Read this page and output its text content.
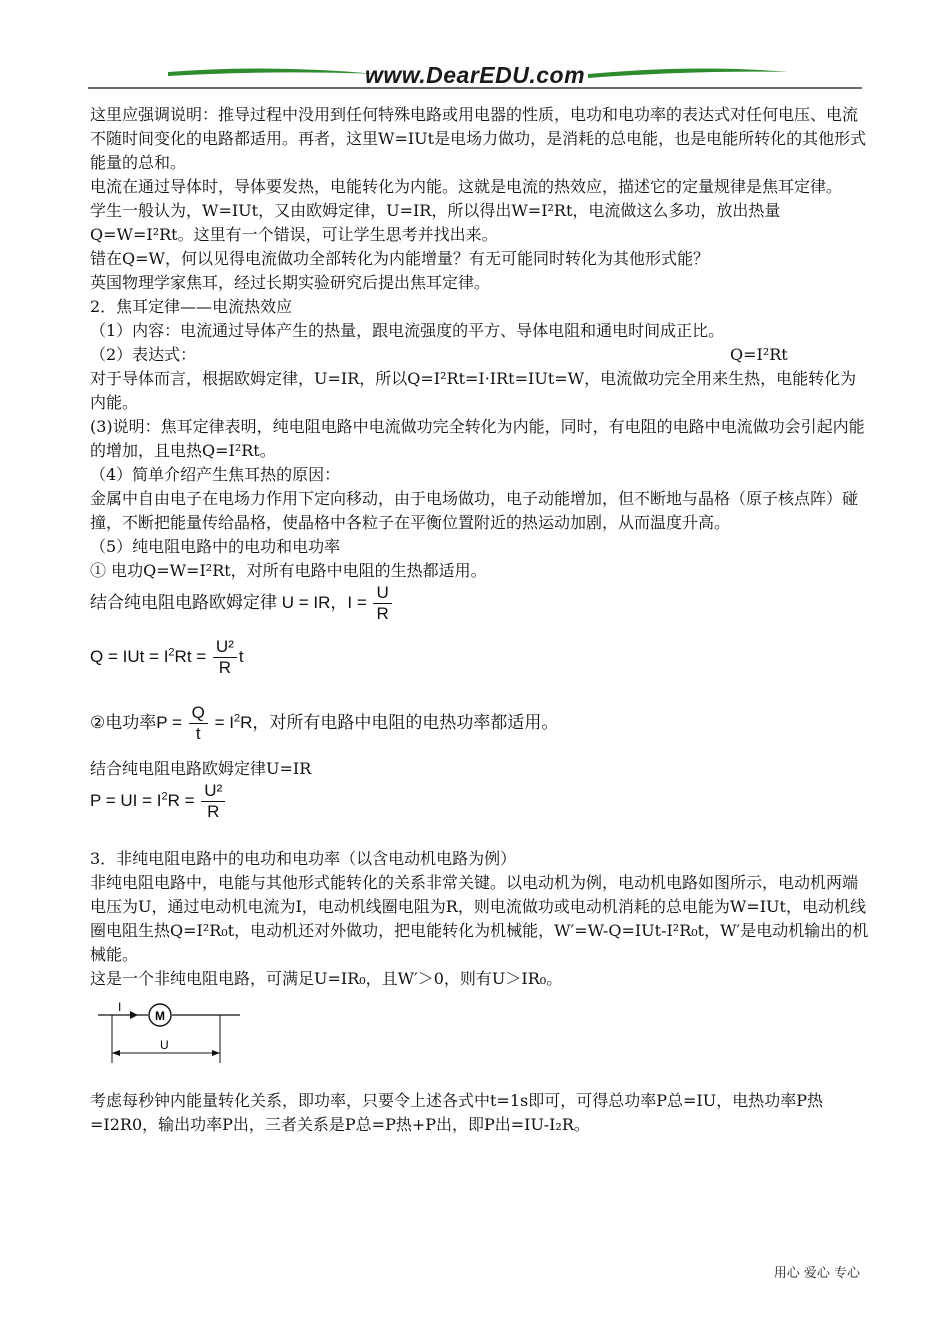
www.DearEDU.com

这里应强调说明：推导过程中没用到任何特殊电路或用电器的性质，电功和电功率的表达式对任何电压、电流不随时间变化的电路都适用。再者，这里W=IUt是电场力做功，是消耗的总电能，也是电能所转化的其他形式能量的总和。

电流在通过导体时，导体要发热，电能转化为内能。这就是电流的热效应，描述它的定量规律是焦耳定律。

学生一般认为，W=IUt，又由欧姆定律，U=IR，所以得出W=I²Rt，电流做这么多功，放出热量Q=W=I²Rt。这里有一个错误，可让学生思考并找出来。

错在Q=W，何以见得电流做功全部转化为内能增量？有无可能同时转化为其他形式能？

英国物理学家焦耳，经过长期实验研究后提出焦耳定律。

2．焦耳定律——电流热效应

（1）内容：电流通过导体产生的热量，跟电流强度的平方、导体电阻和通电时间成正比。

（2）表达式：	Q=I²Rt

对于导体而言，根据欧姆定律，U=IR，所以Q=I²Rt=I·IRt=IUt=W，电流做功完全用来生热，电能转化为内能。

(3)说明：焦耳定律表明，纯电阻电路中电流做功完全转化为内能，同时，有电阻的电路中电流做功会引起内能的增加，且电热Q=I²Rt。

（4）简单介绍产生焦耳热的原因：

金属中自由电子在电场力作用下定向移动，由于电场做功，电子动能增加，但不断地与晶格（原子核点阵）碰撞，不断把能量传给晶格，使晶格中各粒子在平衡位置附近的热运动加剧，从而温度升高。

（5）纯电阻电路中的电功和电功率

① 电功Q=W=I²Rt，对所有电路中电阻的生热都适用。

结合纯电阻电路欧姆定律 U = IR，$I = \frac{U}{R}$
Q = IUt = $I^2Rt = \frac{\text{U²}}{R}$ t
②电功率$P = \frac{Q}{t} = I^2R$，对所有电路中电阻的电热功率都适用。

结合纯电阻电路欧姆定律U=IR

P = UI = $I^2R = \frac{\text{U²}}{R}$

3．非纯电阻电路中的电功和电功率（以含电动机电路为例）

非纯电阻电路中，电能与其他形式能转化的关系非常关键。以电动机为例，电动机电路如图所示，电动机两端电压为U，通过电动机电流为I，电动机线圈电阻为R，则电流做功或电动机消耗的总电能为W=IUt，电动机线圈电阻生热Q=I²R₀t，电动机还对外做功，把电能转化为机械能，W′=W-Q=IUt-I²R₀t，W′是电动机输出的机械能。

这是一个非纯电阻电路，可满足U=IR₀，且W′＞0，则有U＞IR₀。

I
M
U

考虑每秒钟内能量转化关系，即功率，只要令上述各式中t=1s即可，可得总功率P总=IU，电热功率P热=I2R0，输出功率P出，三者关系是P总=P热+P出，即P出=IU-I₂R。

用心 爱心 专心
